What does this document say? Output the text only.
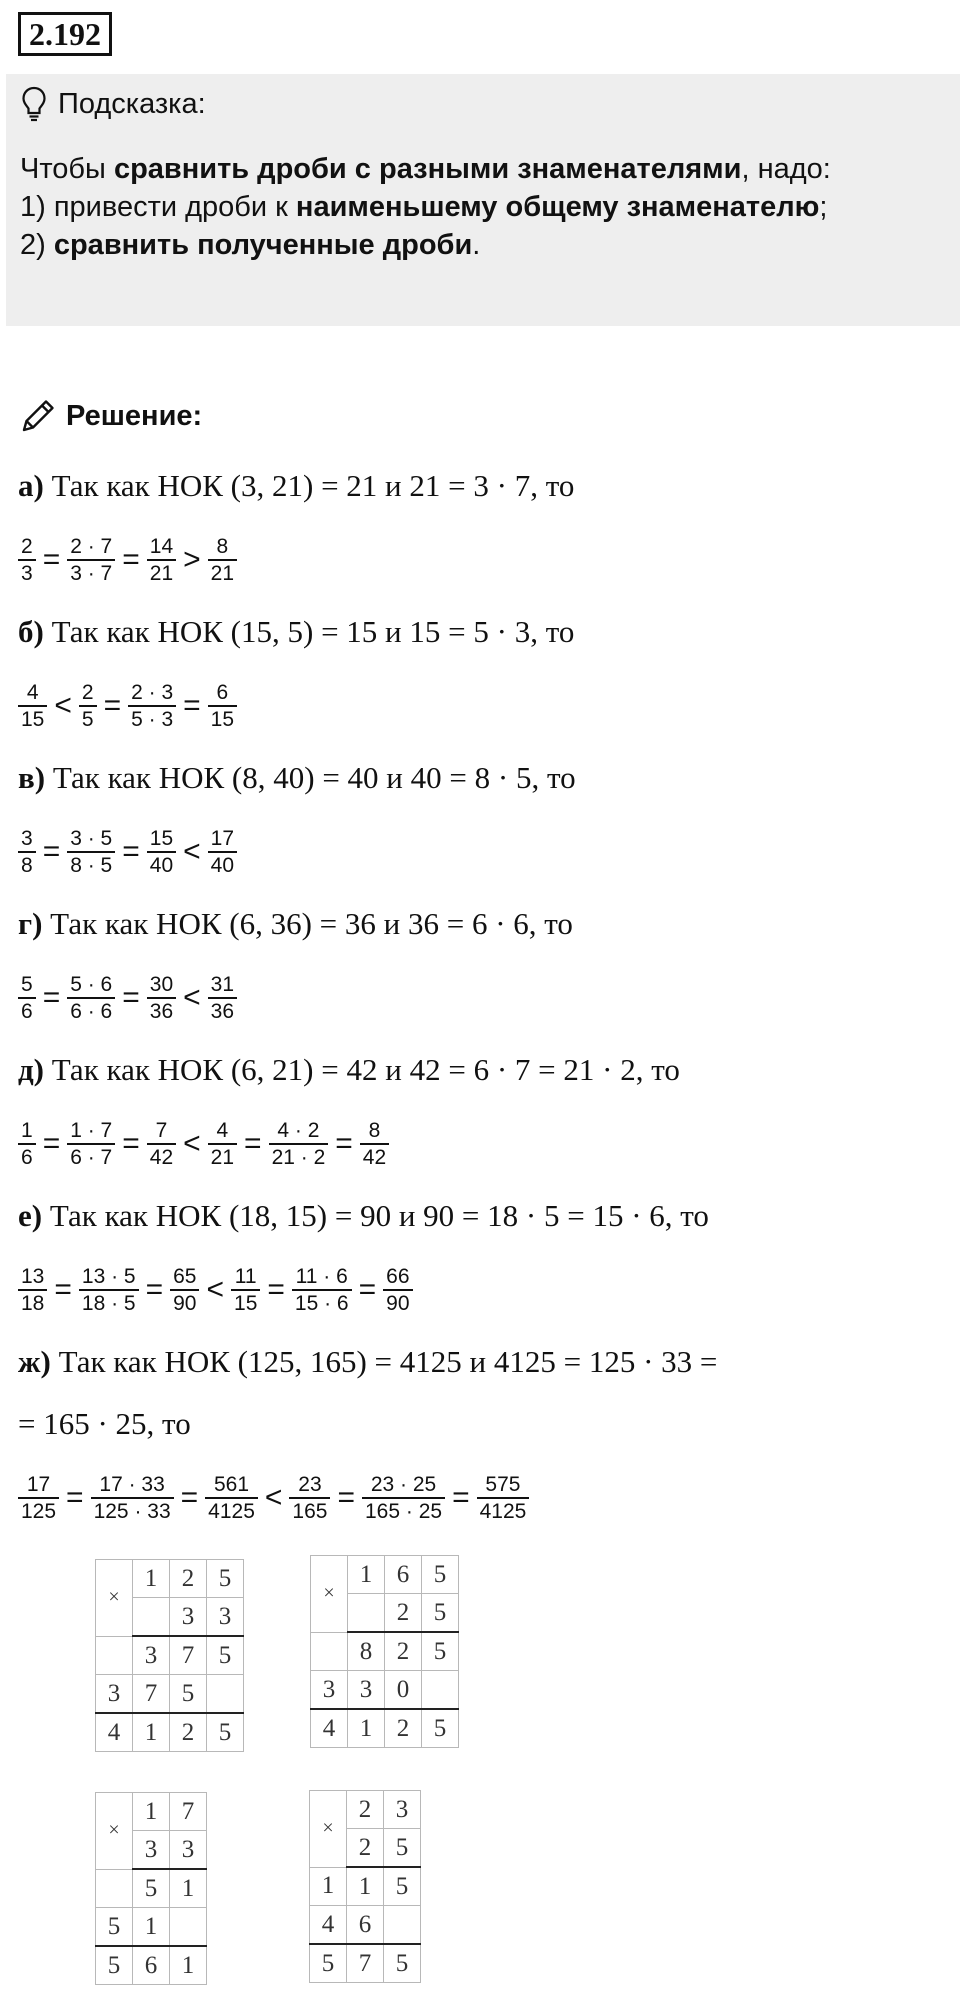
2.192
Подсказка:
Чтобы сравнить дроби с разными знаменателями, надо:
1) привести дроби к наименьшему общему знаменателю;
2) сравнить полученные дроби.
Решение:
а) Так как НОК (3, 21) = 21 и 21 = 3 · 7, то
$\frac{2}{3} = \frac{2 \cdot 7}{3 \cdot 7} = \frac{14}{21} > \frac{8}{21}$
б) Так как НОК (15, 5) = 15 и 15 = 5 · 3, то
$\frac{4}{15} < \frac{2}{5} = \frac{2 \cdot 3}{5 \cdot 3} = \frac{6}{15}$
в) Так как НОК (8, 40) = 40 и 40 = 8 · 5, то
$\frac{3}{8} = \frac{3 \cdot 5}{8 \cdot 5} = \frac{15}{40} < \frac{17}{40}$
г) Так как НОК (6, 36) = 36 и 36 = 6 · 6, то
$\frac{5}{6} = \frac{5 \cdot 6}{6 \cdot 6} = \frac{30}{36} < \frac{31}{36}$
д) Так как НОК (6, 21) = 42 и 42 = 6 · 7 = 21 · 2, то
$\frac{1}{6} = \frac{1 \cdot 7}{6 \cdot 7} = \frac{7}{42} < \frac{4}{21} = \frac{4 \cdot 2}{21 \cdot 2} = \frac{8}{42}$
е) Так как НОК (18, 15) = 90 и 90 = 18 · 5 = 15 · 6, то
$\frac{13}{18} = \frac{13 \cdot 5}{18 \cdot 5} = \frac{65}{90} < \frac{11}{15} = \frac{11 \cdot 6}{15 \cdot 6} = \frac{66}{90}$
ж) Так как НОК (125, 165) = 4125 и 4125 = 125 · 33 =
= 165 · 25, то
$\frac{17}{125} = \frac{17 \cdot 33}{125 \cdot 33} = \frac{561}{4125} < \frac{23}{165} = \frac{23 \cdot 25}{165 \cdot 25} = \frac{575}{4125}$
×	1	2	5
		3	3
	3	7	5
3	7	5	
4	1	2	5
×	1	6	5
		2	5
	8	2	5
3	3	0	
4	1	2	5
×	1	7
	3	3
	5	1
5	1	
5	6	1
×	2	3
	2	5
1	1	5
4	6	
5	7	5
